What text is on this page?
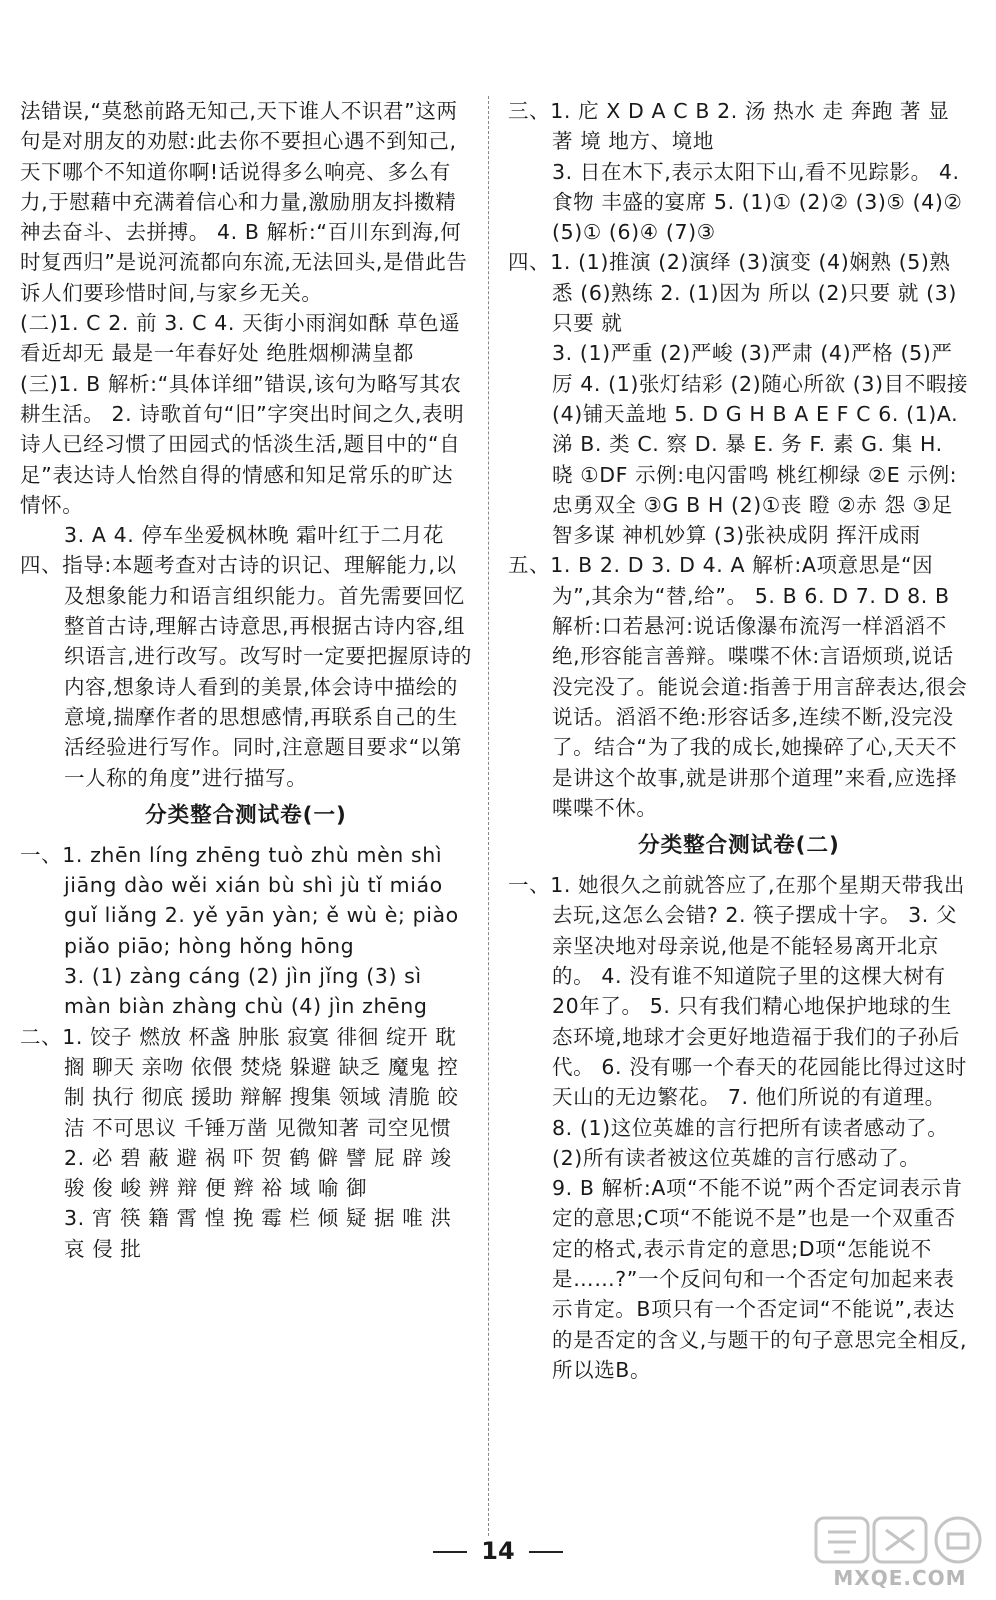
法错误,“莫愁前路无知己,天下谁人不识君”这两句是对朋友的劝慰:此去你不要担心遇不到知己,天下哪个不知道你啊!话说得多么响亮、多么有力,于慰藉中充满着信心和力量,激励朋友抖擞精神去奋斗、去拼搏。 4. B 解析:“百川东到海,何时复西归”是说河流都向东流,无法回头,是借此告诉人们要珍惜时间,与家乡无关。

(二)1. C 2. 前 3. C 4. 天街小雨润如酥 草色遥看近却无 最是一年春好处 绝胜烟柳满皇都

(三)1. B 解析:“具体详细”错误,该句为略写其农耕生活。 2. 诗歌首句“旧”字突出时间之久,表明诗人已经习惯了田园式的恬淡生活,题目中的“自足”表达诗人怡然自得的情感和知足常乐的旷达情怀。

3. A 4. 停车坐爱枫林晚 霜叶红于二月花

四、指导:本题考查对古诗的识记、理解能力,以及想象能力和语言组织能力。首先需要回忆整首古诗,理解古诗意思,再根据古诗内容,组织语言,进行改写。改写时一定要把握原诗的内容,想象诗人看到的美景,体会诗中描绘的意境,揣摩作者的思想感情,再联系自己的生活经验进行写作。同时,注意题目要求“以第一人称的角度”进行描写。

分类整合测试卷(一)

一、1. zhēn líng zhēng tuò zhù mèn shì jiāng dào wěi xián bù shì jù tǐ miáo guǐ liǎng 2. yě yān yàn; ě wù è; piào piǎo piāo; hòng hǒng hōng

3. (1) zàng cáng (2) jìn jǐng (3) sì màn biàn zhàng chù (4) jìn zhēng

二、1. 饺子 燃放 杯盏 肿胀 寂寞 徘徊 绽开 耽搁 聊天 亲吻 依偎 焚烧 躲避 缺乏 魔鬼 控制 执行 彻底 援助 辩解 搜集 领域 清脆 皎洁 不可思议 千锤万凿 见微知著 司空见惯

2. 必 碧 蔽 避 祸 吓 贺 鹤 僻 譬 屁 辟 竣 骏 俊 峻 辨 辩 便 辫 裕 域 喻 御

3. 宵 筷 籍 霄 惶 挽 霉 栏 倾 疑 据 唯 洪 哀 侵 批

三、1. 庀 X D A C B 2. 汤 热水 走 奔跑 著 显著 境 地方、境地

3. 日在木下,表示太阳下山,看不见踪影。 4. 食物 丰盛的宴席 5. (1)① (2)② (3)⑤ (4)② (5)① (6)④ (7)③

四、1. (1)推演 (2)演绎 (3)演变 (4)娴熟 (5)熟悉 (6)熟练 2. (1)因为 所以 (2)只要 就 (3)只要 就

3. (1)严重 (2)严峻 (3)严肃 (4)严格 (5)严厉 4. (1)张灯结彩 (2)随心所欲 (3)目不暇接 (4)铺天盖地 5. D G H B A E F C 6. (1)A. 涕 B. 类 C. 察 D. 暴 E. 务 F. 素 G. 集 H. 晓 ①DF 示例:电闪雷鸣 桃红柳绿 ②E 示例:忠勇双全 ③G B H (2)①丧 瞪 ②赤 怨 ③足智多谋 神机妙算 (3)张袂成阴 挥汗成雨

五、1. B 2. D 3. D 4. A 解析:A项意思是“因为”,其余为“替,给”。 5. B 6. D 7. D 8. B 解析:口若悬河:说话像瀑布流泻一样滔滔不绝,形容能言善辩。喋喋不休:言语烦琐,说话没完没了。能说会道:指善于用言辞表达,很会说话。滔滔不绝:形容话多,连续不断,没完没了。结合“为了我的成长,她操碎了心,天天不是讲这个故事,就是讲那个道理”来看,应选择喋喋不休。

分类整合测试卷(二)

一、1. 她很久之前就答应了,在那个星期天带我出去玩,这怎么会错? 2. 筷子摆成十字。 3. 父亲坚决地对母亲说,他是不能轻易离开北京的。 4. 没有谁不知道院子里的这棵大树有20年了。 5. 只有我们精心地保护地球的生态环境,地球才会更好地造福于我们的子孙后代。 6. 没有哪一个春天的花园能比得过这时天山的无边繁花。 7. 他们所说的有道理。 8. (1)这位英雄的言行把所有读者感动了。 (2)所有读者被这位英雄的言行感动了。

9. B 解析:A项“不能不说”两个否定词表示肯定的意思;C项“不能说不是”也是一个双重否定的格式,表示肯定的意思;D项“怎能说不是……?”一个反问句和一个否定句加起来表示肯定。B项只有一个否定词“不能说”,表达的是否定的含义,与题干的句子意思完全相反,所以选B。

14
MXQE.COM
